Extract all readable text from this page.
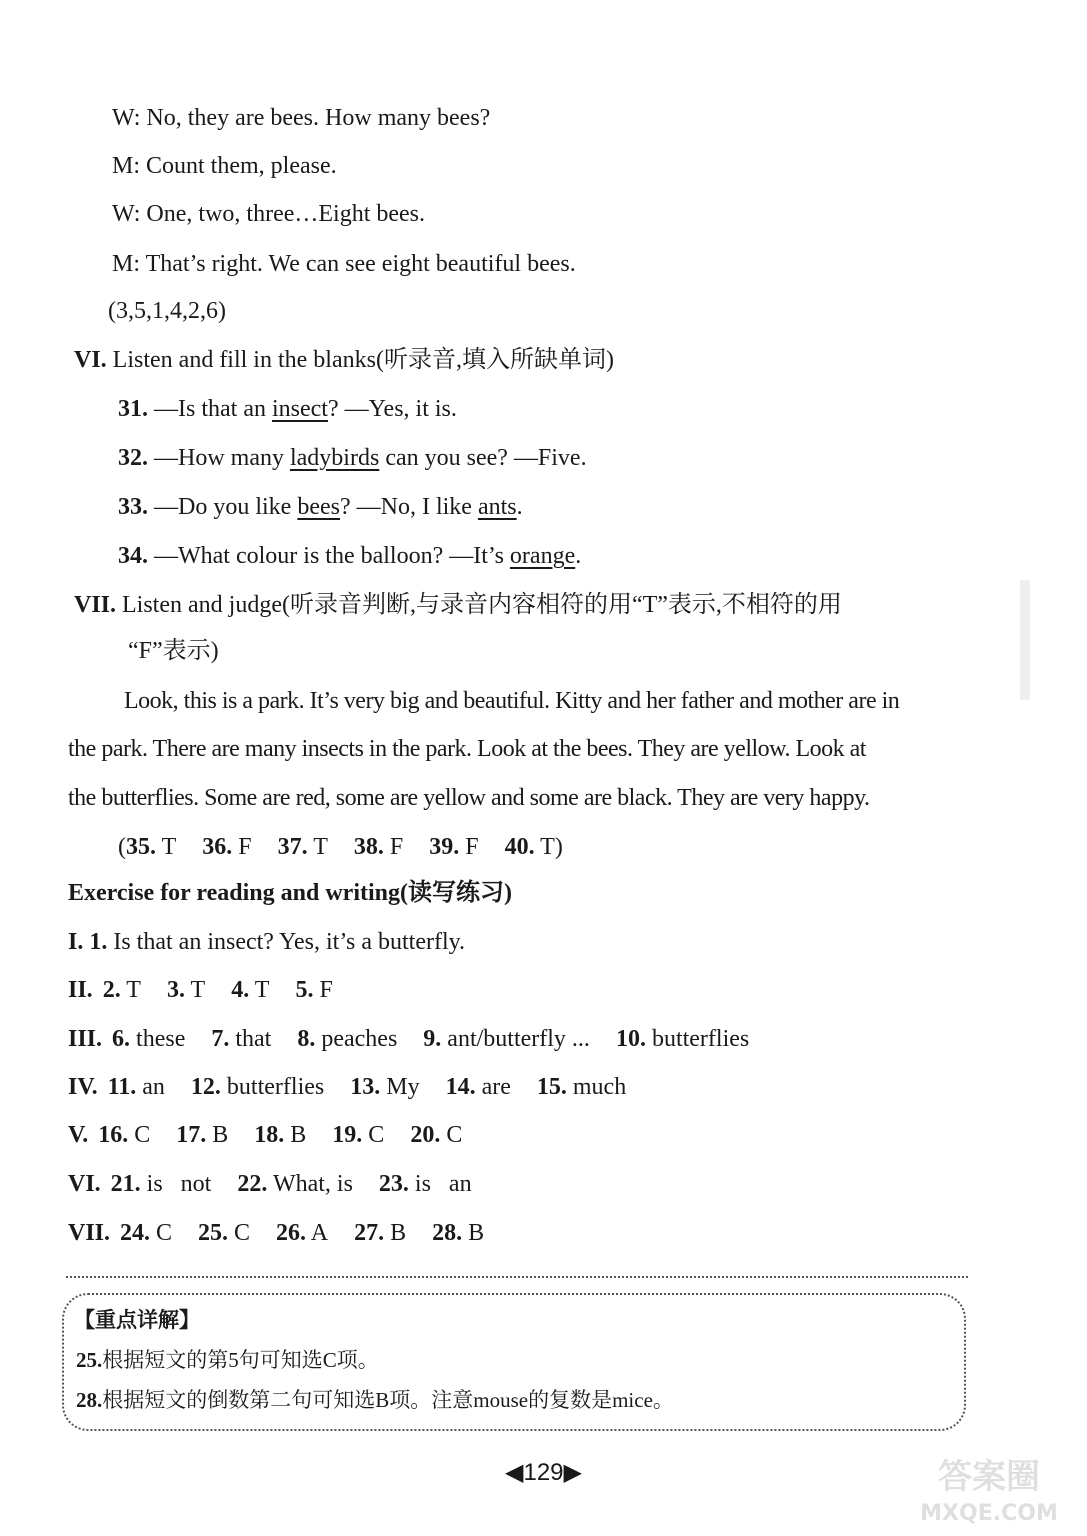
W: No, they are bees. How many bees?
M: Count them, please.
W: One, two, three…Eight bees.
M: That’s right. We can see eight beautiful bees.
(3,5,1,4,2,6)
VI. Listen and fill in the blanks(听录音,填入所缺单词)
31. —Is that an insect? —Yes, it is.
32. —How many ladybirds can you see? —Five.
33. —Do you like bees? —No, I like ants.
34. —What colour is the balloon? —It’s orange.
VII. Listen and judge(听录音判断,与录音内容相符的用“T”表示,不相符的用
“F”表示)
Look, this is a park. It’s very big and beautiful. Kitty and her father and mother are in
the park. There are many insects in the park. Look at the bees. They are yellow. Look at
the butterflies. Some are red, some are yellow and some are black. They are very happy.
(35. T 36. F 37. T 38. F 39. F 40. T)
Exercise for reading and writing(读写练习)
I. 1. Is that an insect? Yes, it’s a butterfly.
II. 2. T 3. T 4. T 5. F
III. 6. these 7. that 8. peaches 9. ant/butterfly ... 10. butterflies
IV. 11. an 12. butterflies 13. My 14. are 15. much
V. 16. C 17. B 18. B 19. C 20. C
VI. 21. is   not 22. What, is 23. is   an
VII. 24. C 25. C 26. A 27. B 28. B
【重点详解】
25.根据短文的第5句可知选C项。
28.根据短文的倒数第二句可知选B项。注意mouse的复数是mice。
◀129▶	答案圈
MXQE.COM
